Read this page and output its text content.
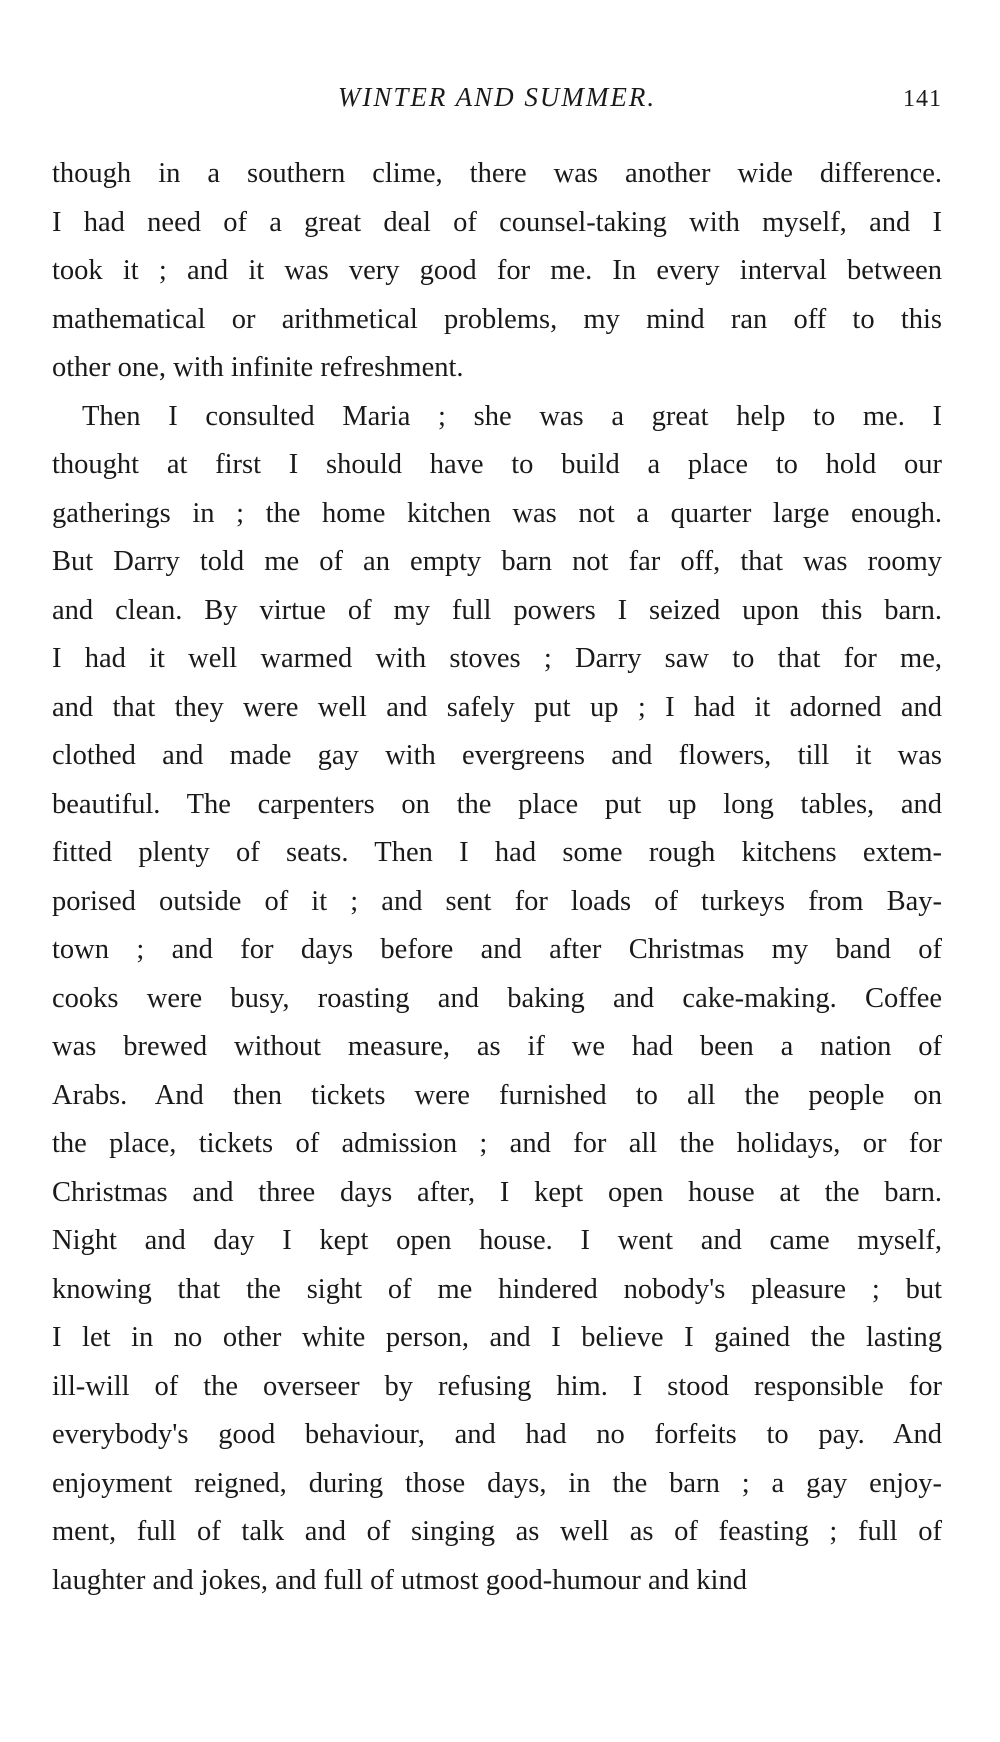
WINTER AND SUMMER.	141
though in a southern clime, there was another wide difference.
I had need of a great deal of counsel-taking with myself, and I
took it ; and it was very good for me. In every interval between
mathematical or arithmetical problems, my mind ran off to this
other one, with infinite refreshment.
Then I consulted Maria ; she was a great help to me. I
thought at first I should have to build a place to hold our
gatherings in ; the home kitchen was not a quarter large enough.
But Darry told me of an empty barn not far off, that was roomy
and clean. By virtue of my full powers I seized upon this barn.
I had it well warmed with stoves ; Darry saw to that for me,
and that they were well and safely put up ; I had it adorned and
clothed and made gay with evergreens and flowers, till it was
beautiful. The carpenters on the place put up long tables, and
fitted plenty of seats. Then I had some rough kitchens extem-
porised outside of it ; and sent for loads of turkeys from Bay-
town ; and for days before and after Christmas my band of
cooks were busy, roasting and baking and cake-making. Coffee
was brewed without measure, as if we had been a nation of
Arabs. And then tickets were furnished to all the people on
the place, tickets of admission ; and for all the holidays, or for
Christmas and three days after, I kept open house at the barn.
Night and day I kept open house. I went and came myself,
knowing that the sight of me hindered nobody's pleasure ; but
I let in no other white person, and I believe I gained the lasting
ill-will of the overseer by refusing him. I stood responsible for
everybody's good behaviour, and had no forfeits to pay. And
enjoyment reigned, during those days, in the barn ; a gay enjoy-
ment, full of talk and of singing as well as of feasting ; full of
laughter and jokes, and full of utmost good-humour and kind
